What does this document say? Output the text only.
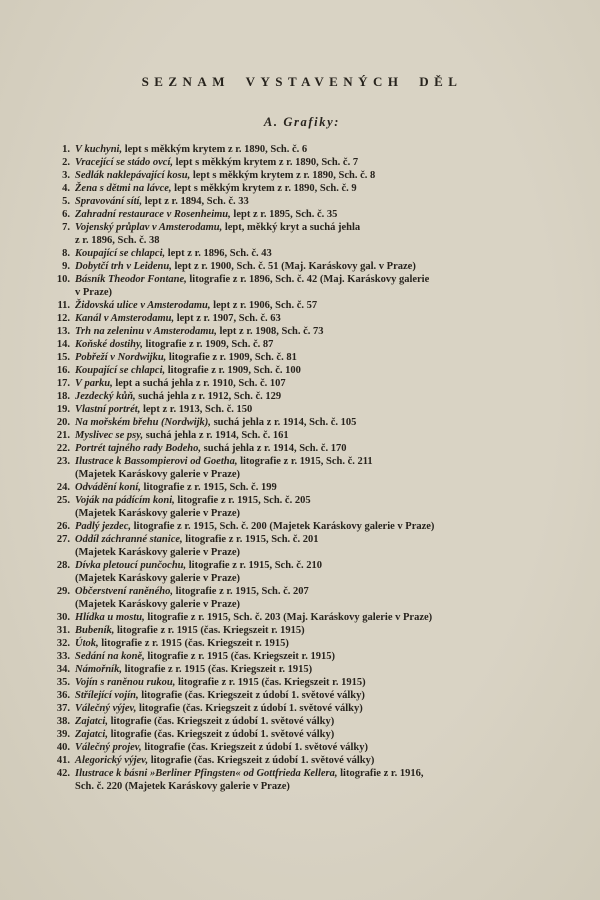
SEZNAM VYSTAVENÝCH DĚL
A. Grafiky:
1. V kuchyni, lept s měkkým krytem z r. 1890, Sch. č. 6
2. Vracející se stádo ovcí, lept s měkkým krytem z r. 1890, Sch. č. 7
3. Sedlák naklepávající kosu, lept s měkkým krytem z r. 1890, Sch. č. 8
4. Žena s dětmi na lávce, lept s měkkým krytem z r. 1890, Sch. č. 9
5. Spravování sítí, lept z r. 1894, Sch. č. 33
6. Zahradní restaurace v Rosenheimu, lept z r. 1895, Sch. č. 35
7. Vojenský průplav v Amsterodamu, lept, měkký kryt a suchá jehla
z r. 1896, Sch. č. 38
8. Koupající se chlapci, lept z r. 1896, Sch. č. 43
9. Dobytčí trh v Leidenu, lept z r. 1900, Sch. č. 51 (Maj. Karáskovy gal. v Praze)
10. Básník Theodor Fontane, litografie z r. 1896, Sch. č. 42 (Maj. Karáskovy galerie
v Praze)
11. Židovská ulice v Amsterodamu, lept z r. 1906, Sch. č. 57
12. Kanál v Amsterodamu, lept z r. 1907, Sch. č. 63
13. Trh na zeleninu v Amsterodamu, lept z r. 1908, Sch. č. 73
14. Koňské dostihy, litografie z r. 1909, Sch. č. 87
15. Pobřeží v Nordwijku, litografie z r. 1909, Sch. č. 81
16. Koupající se chlapci, litografie z r. 1909, Sch. č. 100
17. V parku, lept a suchá jehla z r. 1910, Sch. č. 107
18. Jezdecký kůň, suchá jehla z r. 1912, Sch. č. 129
19. Vlastní portrét, lept z r. 1913, Sch. č. 150
20. Na mořském břehu (Nordwijk), suchá jehla z r. 1914, Sch. č. 105
21. Myslivec se psy, suchá jehla z r. 1914, Sch. č. 161
22. Portrét tajného rady Bodeho, suchá jehla z r. 1914, Sch. č. 170
23. Ilustrace k Bassompierovi od Goetha, litografie z r. 1915, Sch. č. 211
(Majetek Karáskovy galerie v Praze)
24. Odvádění koní, litografie z r. 1915, Sch. č. 199
25. Voják na pádícím koni, litografie z r. 1915, Sch. č. 205
(Majetek Karáskovy galerie v Praze)
26. Padlý jezdec, litografie z r. 1915, Sch. č. 200 (Majetek Karáskovy galerie v Praze)
27. Oddíl záchranné stanice, litografie z r. 1915, Sch. č. 201
(Majetek Karáskovy galerie v Praze)
28. Dívka pletoucí punčochu, litografie z r. 1915, Sch. č. 210
(Majetek Karáskovy galerie v Praze)
29. Občerstvení raněného, litografie z r. 1915, Sch. č. 207
(Majetek Karáskovy galerie v Praze)
30. Hlídka u mostu, litografie z r. 1915, Sch. č. 203 (Maj. Karáskovy galerie v Praze)
31. Bubeník, litografie z r. 1915 (čas. Kriegszeit r. 1915)
32. Útok, litografie z r. 1915 (čas. Kriegszeit r. 1915)
33. Sedání na koně, litografie z r. 1915 (čas. Kriegszeit r. 1915)
34. Námořník, litografie z r. 1915 (čas. Kriegszeit r. 1915)
35. Vojín s raněnou rukou, litografie z r. 1915 (čas. Kriegszeit r. 1915)
36. Střílející vojín, litografie (čas. Kriegszeit z údobí 1. světové války)
37. Válečný výjev, litografie (čas. Kriegszeit z údobí 1. světové války)
38. Zajatci, litografie (čas. Kriegszeit z údobí 1. světové války)
39. Zajatci, litografie (čas. Kriegszeit z údobí 1. světové války)
40. Válečný projev, litografie (čas. Kriegszeit z údobí 1. světové války)
41. Alegorický výjev, litografie (čas. Kriegszeit z údobí 1. světové války)
42. Ilustrace k básni »Berliner Pfingsten« od Gottfrieda Kellera, litografie z r. 1916,
Sch. č. 220 (Majetek Karáskovy galerie v Praze)
